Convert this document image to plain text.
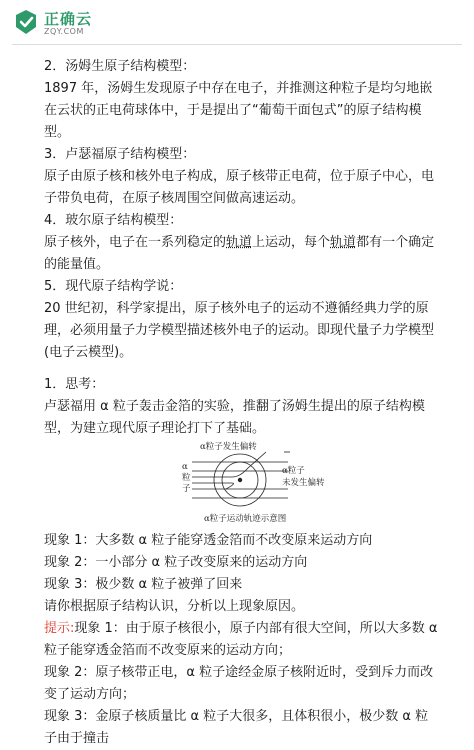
正确云
ZQY.COM
2．汤姆生原子结构模型：
1897 年，汤姆生发现原子中存在电子，并推测这种粒子是均匀地嵌在云状的正电荷球体中，于是提出了“葡萄干面包式”的原子结构模型。
3．卢瑟福原子结构模型：
原子由原子核和核外电子构成，原子核带正电荷，位于原子中心，电子带负电荷，在原子核周围空间做高速运动。
4．玻尔原子结构模型：
原子核外，电子在一系列稳定的轨道上运动，每个轨道都有一个确定的能量值。
5．现代原子结构学说：
20 世纪初，科学家提出，原子核外电子的运动不遵循经典力学的原理，必须用量子力学模型描述核外电子的运动。即现代量子力学模型(电子云模型)。
1．思考：
卢瑟福用 α 粒子轰击金箔的实验，推翻了汤姆生提出的原子结构模型，为建立现代原子理论打下了基础。
α粒子发生偏转
α
粒
子
α粒子
未发生偏转
α粒子运动轨迹示意图
现象 1：大多数 α 粒子能穿透金箔而不改变原来运动方向
现象 2：一小部分 α 粒子改变原来的运动方向
现象 3：极少数 α 粒子被弹了回来
请你根据原子结构认识，分析以上现象原因。
提示:现象 1：由于原子核很小，原子内部有很大空间，所以大多数 α 粒子能穿透金箔而不改变原来的运动方向；
现象 2：原子核带正电，α 粒子途经金原子核附近时，受到斥力而改变了运动方向；
现象 3：金原子核质量比 α 粒子大很多，且体积很小，极少数 α 粒子由于撞击
